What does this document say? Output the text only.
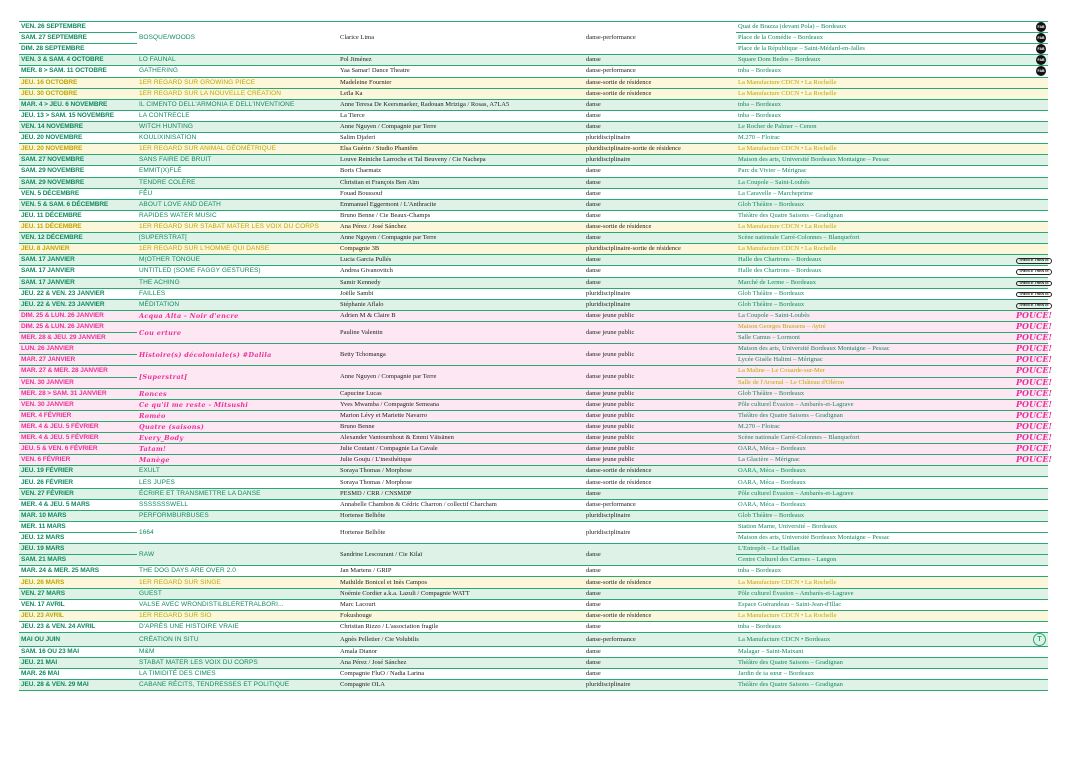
VEN. 26 SEPTEMBRE	BOSQUE/WOODS	Clarice Lima	danse-performance	Quai de Brazza (devant Pola) – Bordeaux	FAB
SAM. 27 SEPTEMBRE				Place de la Comédie – Bordeaux	FAB
DIM. 28 SEPTEMBRE				Place de la République – Saint-Médard-en-Jalles	FAB
VEN. 3 & SAM. 4 OCTOBRE	LO FAUNAL	Pol Jiménez	danse	Square Dom Bedos – Bordeaux	FAB
MER. 8 > SAM. 11 OCTOBRE	GATHERING	Yaa Samar! Dance Theatre	danse-performance	tnba – Bordeaux	FAB
JEU. 16 OCTOBRE	1ER REGARD SUR GROWING PIECE	Madeleine Fournier	danse-sortie de résidence	La Manufacture CDCN • La Rochelle	
JEU. 30 OCTOBRE	1ER REGARD SUR LA NOUVELLE CRÉATION	Leïla Ka	danse-sortie de résidence	La Manufacture CDCN • La Rochelle	
MAR. 4 > JEU. 6 NOVEMBRE	IL CIMENTO DELL'ARMONIA E DELL'INVENTIONE	Anne Teresa De Keersmaeker, Radouan Mriziga / Rosas, A7LA5	danse	tnba – Bordeaux	
JEU. 13 > SAM. 15 NOVEMBRE	LA CONTRECLE	La Tierce	danse	tnba – Bordeaux	
VEN. 14 NOVEMBRE	WITCH HUNTING	Anne Nguyen / Compagnie par Terre	danse	Le Rocher de Palmer – Cenon	
JEU. 20 NOVEMBRE	KOULIXINISATION	Salim Djaferi	pluridisciplinaire	M.270 – Floirac	
JEU. 20 NOVEMBRE	1ER REGARD SUR ANIMAL GÉOMÉTRIQUE	Elsa Guérin / Studio Phantôm	pluridisciplinaire-sortie de résidence	La Manufacture CDCN • La Rochelle	
SAM. 27 NOVEMBRE	SANS FAIRE DE BRUIT	Louve Reiniche Larroche et Tal Beuveny / Cie Nachepa	pluridisciplinaire	Maison des arts, Université Bordeaux Montaigne – Pessac	
SAM. 29 NOVEMBRE	EMMIT(X)FLÉ	Boris Charmatz	danse	Parc du Vivier – Mérignac	
SAM. 29 NOVEMBRE	TENDRE COLÈRE	Christian et François Ben Aïm	danse	La Coupole – Saint-Loubès	
VEN. 5 DÉCEMBRE	FÊU	Fouad Boussouf	danse	La Caravelle – Marcheprime	
VEN. 5 & SAM. 6 DÉCEMBRE	ABOUT LOVE AND DEATH	Emmanuel Eggermont / L'Anthracite	danse	Glob Théâtre – Bordeaux	
JEU. 11 DÉCEMBRE	RAPIDES WATER MUSIC	Bruno Benne / Cie Beaux-Champs	danse	Théâtre des Quatre Saisons – Gradignan	
JEU. 11 DÉCEMBRE	1ER REGARD SUR STABAT MATER LES VOIX DU CORPS	Ana Pérez / José Sánchez	danse-sortie de résidence	La Manufacture CDCN • La Rochelle	
VEN. 12 DÉCEMBRE	[SUPERSTRAT[	Anne Nguyen / Compagnie par Terre	danse	Scène nationale Carré-Colonnes – Blanquefort	
JEU. 8 JANVIER	1ER REGARD SUR L'HOMME QUI DANSE	Compagnie 3B	pluridisciplinaire-sortie de résidence	La Manufacture CDCN • La Rochelle	
SAM. 17 JANVIER	M(OTHER TONGUE	Lucia Garcia Pullés	danse	Halle des Chartrons – Bordeaux	TRENTE TRENTE
SAM. 17 JANVIER	UNTITLED (SOME FAGGY GESTURES)	Andrea Givanovitch	danse	Halle des Chartrons – Bordeaux	TRENTE TRENTE
SAM. 17 JANVIER	THE ACHING	Samir Kennedy	danse	Marché de Lerme – Bordeaux	TRENTE TRENTE
JEU. 22 & VEN. 23 JANVIER	FAILLES	Joëlle Sambi	pluridisciplinaire	Glob Théâtre – Bordeaux	TRENTE TRENTE
JEU. 22 & VEN. 23 JANVIER	MÉDITATION	Stéphanie Aflalo	pluridisciplinaire	Glob Théâtre – Bordeaux	TRENTE TRENTE
DIM. 25 & LUN. 26 JANVIER	Acqua Alta - Noir d'encre	Adrien M & Claire B	danse jeune public	La Coupole – Saint-Loubès	POUCE!
DIM. 25 & LUN. 26 JANVIER	Cou erture	Pauline Valentin	danse jeune public	Maison Georges Brassens – Aytré	POUCE!
MER. 28 & JEU. 29 JANVIER				Salle Camus – Lormont	POUCE!
LUN. 26 JANVIER	Histoire(s) décoloniale(s) #Dalila	Betty Tchomanga	danse jeune public	Maison des arts, Université Bordeaux Montaigne – Pessac	POUCE!
MAR. 27 JANVIER				Lycée Gisèle Halimi – Mérignac	POUCE!
MAR. 27 & MER. 28 JANVIER	[Superstrat[	Anne Nguyen / Compagnie par Terre	danse jeune public	La Maline – Le Couarde-sur-Mer	POUCE!
VEN. 30 JANVIER				Salle de l'Arsenal – Le Château d'Oléron	POUCE!
MER. 28 > SAM. 31 JANVIER	Ronces	Capucine Lucas	danse jeune public	Glob Théâtre – Bordeaux	POUCE!
VEN. 30 JANVIER	Ce qu'il me reste - Mitsushi	Yves Mwamba / Compagnie Semeana	danse jeune public	Pôle culturel Évasion – Ambarès-et-Lagrave	POUCE!
MER. 4 FÉVRIER	Roméo	Marion Lévy et Mariette Navarro	danse jeune public	Théâtre des Quatre Saisons – Gradignan	POUCE!
MER. 4 & JEU. 5 FÉVRIER	Quatre (saisons)	Bruno Benne	danse jeune public	M.270 – Floirac	POUCE!
MER. 4 & JEU. 5 FÉVRIER	Every_Body	Alexander Vantournhout & Emmi Väisänen	danse jeune public	Scène nationale Carré-Colonnes – Blanquefort	POUCE!
JEU. 5 & VEN. 6 FÉVRIER	Tatam!	Julie Coutant / Compagnie La Cavale	danse jeune public	OARA, Méca – Bordeaux	POUCE!
VEN. 6 FÉVRIER	Manège	Julie Gouju / L'inesthétique	danse jeune public	La Glacière – Mérignac	POUCE!
JEU. 19 FÉVRIER	EXULT	Soraya Thomas / Morphose	danse-sortie de résidence	OARA, Méca – Bordeaux	
JEU. 26 FÉVRIER	LES JUPES	Soraya Thomas / Morphose	danse-sortie de résidence	OARA, Méca – Bordeaux	
VEN. 27 FÉVRIER	ÉCRIRE ET TRANSMETTRE LA DANSE	PESMD / CRR / CNSMDP	danse	Pôle culturel Évasion – Ambarès-et-Lagrave	
MER. 4 & JEU. 5 MARS	SSSSSSSWELL	Annabelle Chambon & Cédric Charron / collectif Charcham	danse-performance	OARA, Méca – Bordeaux	
MAR. 10 MARS	PERFORMBURBUSES	Hortense Belhôte	pluridisciplinaire	Glob Théâtre – Bordeaux	
MER. 11 MARS	1664	Hortense Belhôte	pluridisciplinaire	Station Marne, Université – Bordeaux	
JEU. 12 MARS				Maison des arts, Université Bordeaux Montaigne – Pessac	
JEU. 19 MARS	RAW	Sandrine Lescourant / Cie Kilaï	danse	L'Entrepôt – Le Haillan	
SAM. 21 MARS				Centre Culturel des Carmes – Langon	
MAR. 24 & MER. 25 MARS	THE DOG DAYS ARE OVER 2.0	Jan Martens / GRIP	danse	tnba – Bordeaux	
JEU. 26 MARS	1ER REGARD SUR SINGE	Mathilde Bonicel et Inès Campos	danse-sortie de résidence	La Manufacture CDCN • La Rochelle	
VEN. 27 MARS	GUEST	Noémie Cordier a.k.a. Lazuli / Compagnie WATT	danse	Pôle culturel Évasion – Ambarès-et-Lagrave	
VEN. 17 AVRIL	VALSE AVEC WRONDISTILBLERETRALBORI...	Marc Lacourt	danse	Espace Guérandeau – Saint-Jean-d'Illac	
JEU. 23 AVRIL	1ER REGARD SUR SIO	Fokushouge	danse-sortie de résidence	La Manufacture CDCN • La Rochelle	
JEU. 23 & VEN. 24 AVRIL	D'APRÈS UNE HISTOIRE VRAIE	Christian Rizzo / L'association fragile	danse	tnba – Bordeaux	
MAI OU JUIN	CRÉATION IN SITU	Agnès Pelletier / Cie Volubilis	danse-performance	La Manufacture CDCN • Bordeaux	T
SAM. 16 OU 23 MAI	M&M	Amala Dianor	danse	Malagar – Saint-Maixant	
JEU. 21 MAI	STABAT MATER LES VOIX DU CORPS	Ana Pérez / José Sánchez	danse	Théâtre des Quatre Saisons – Gradignan	
MAR. 26 MAI	LA TIMIDITÉ DES CIMES	Compagnie FluO / Nadia Larina	danse	Jardin de ta sœur – Bordeaux	
JEU. 28 & VEN. 29 MAI	CABANE RÉCITS, TENDRESSES ET POLITIQUE	Compagnie OLA	pluridisciplinaire	Théâtre des Quatre Saisons – Gradignan	
